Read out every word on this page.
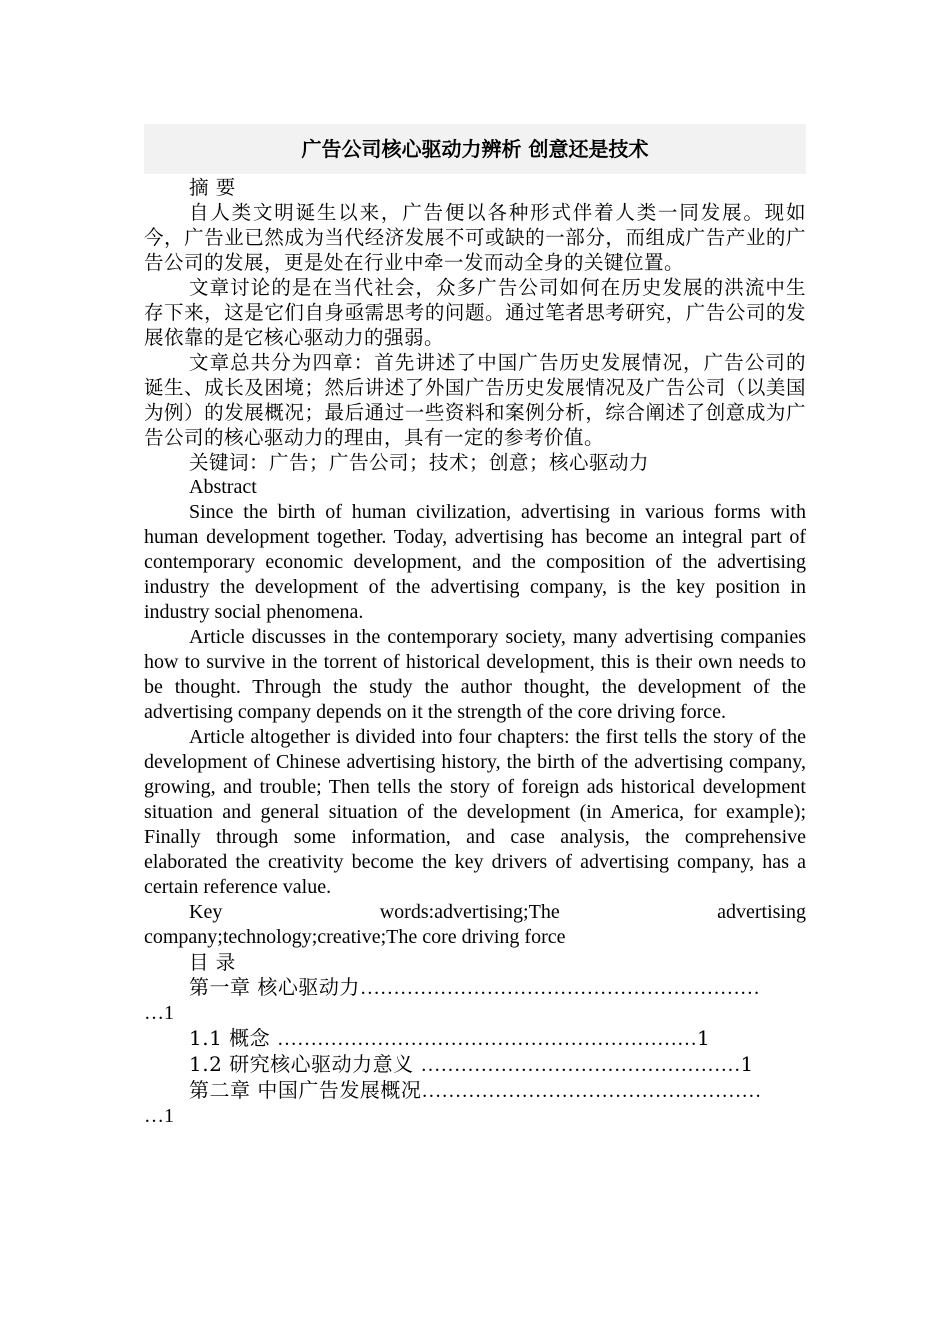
广告公司核心驱动力辨析 创意还是技术
摘 要

自人类文明诞生以来，广告便以各种形式伴着人类一同发展。现如今，广告业已然成为当代经济发展不可或缺的一部分，而组成广告产业的广告公司的发展，更是处在行业中牵一发而动全身的关键位置。

文章讨论的是在当代社会，众多广告公司如何在历史发展的洪流中生存下来，这是它们自身亟需思考的问题。通过笔者思考研究，广告公司的发展依靠的是它核心驱动力的强弱。

文章总共分为四章：首先讲述了中国广告历史发展情况，广告公司的诞生、成长及困境；然后讲述了外国广告历史发展情况及广告公司（以美国为例）的发展概况；最后通过一些资料和案例分析，综合阐述了创意成为广告公司的核心驱动力的理由，具有一定的参考价值。

关键词：广告；广告公司；技术；创意；核心驱动力
Abstract

Since the birth of human civilization, advertising in various forms with human development together. Today, advertising has become an integral part of contemporary economic development, and the composition of the advertising industry the development of the advertising company, is the key position in industry social phenomena.

Article discusses in the contemporary society, many advertising companies how to survive in the torrent of historical development, this is their own needs to be thought. Through the study the author thought, the development of the advertising company depends on it the strength of the core driving force.

Article altogether is divided into four chapters: the first tells the story of the development of Chinese advertising history, the birth of the advertising company, growing, and trouble; Then tells the story of foreign ads historical development situation and general situation of the development (in America, for example); Finally through some information, and case analysis, the comprehensive elaborated the creativity become the key drivers of advertising company, has a certain reference value.

Key	words:advertising;The	advertising
company;technology;creative;The core driving force
目 录
第一章 核心驱动力……………………………………………………
…1
1.1 概念 ………………………………………………………1
1.2 研究核心驱动力意义 …………………………………………1
第二章 中国广告发展概况……………………………………………
…1
